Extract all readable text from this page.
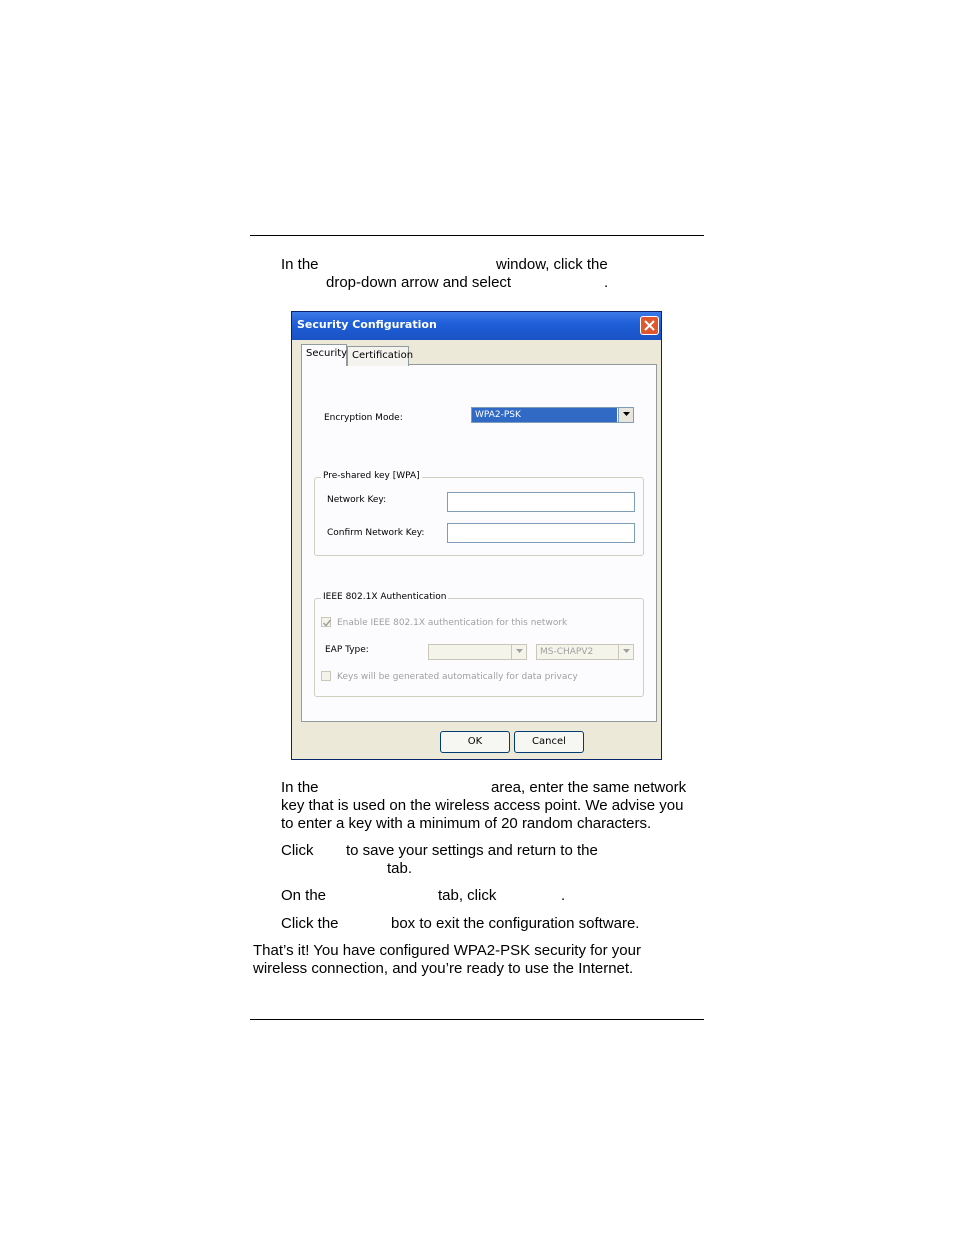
In the	window, click the
drop-down arrow and select	.
Security Configuration
Encryption Mode:	WPA2-PSK
Pre-shared key [WPA]
Network Key:
Confirm Network Key:
IEEE 802.1X Authentication
Enable IEEE 802.1X authentication for this network
EAP Type:	MS-CHAPV2
Keys will be generated automatically for data privacy
Security Certification
OK	Cancel
In the	area, enter the same network
key that is used on the wireless access point. We advise you
to enter a key with a minimum of 20 random characters.
Click to save your settings and return to the
tab.
On the	tab, click	.
Click the	box to exit the configuration software.
That’s it! You have configured WPA2-PSK security for your
wireless connection, and you’re ready to use the Internet.
